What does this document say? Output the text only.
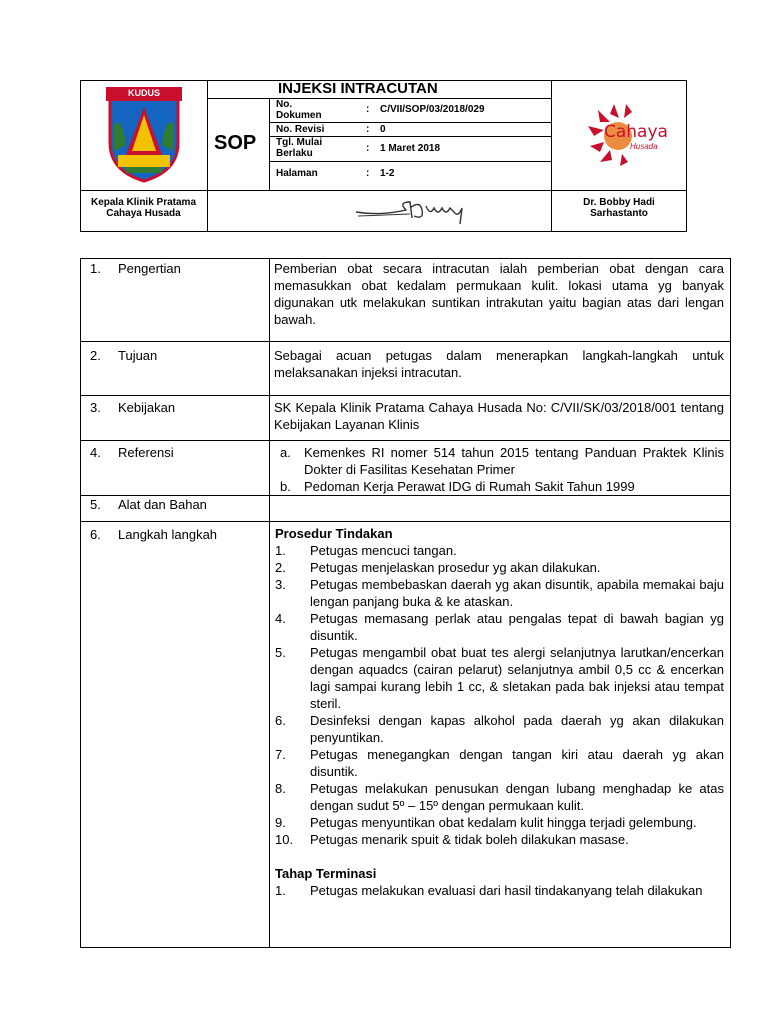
KUDUS
SOP
INJEKSI INTRACUTAN
No.
Dokumen
: C/VII/SOP/03/2018/029
No. Revisi	: 0
Tgl. Mulai
Berlaku	: 1 Maret 2018
Halaman	: 1-2
Cahaya
Husada
Kepala Klinik Pratama
Cahaya Husada
Dr. Bobby Hadi
Sarhastanto
1. Pengertian	Pemberian obat secara intracutan ialah pemberian obat dengan cara memasukkan obat kedalam permukaan kulit. lokasi utama yg banyak digunakan utk melakukan suntikan intrakutan yaitu bagian atas dari lengan bawah.
2. Tujuan	Sebagai acuan petugas dalam menerapkan langkah-langkah untuk melaksanakan injeksi intracutan.
3. Kebijakan	SK Kepala Klinik Pratama Cahaya Husada No: C/VII/SK/03/2018/001 tentang Kebijakan Layanan Klinis
4. Referensi	a. Kemenkes RI nomer 514 tahun 2015 tentang Panduan Praktek Klinis Dokter di Fasilitas Kesehatan Primer
b. Pedoman Kerja Perawat IDG di Rumah Sakit Tahun 1999
5. Alat dan Bahan
6. Langkah langkah	Prosedur Tindakan
1. Petugas mencuci tangan.
2. Petugas menjelaskan prosedur yg akan dilakukan.
3. Petugas membebaskan daerah yg akan disuntik, apabila memakai baju lengan panjang buka & ke ataskan.
4. Petugas memasang perlak atau pengalas tepat di bawah bagian yg disuntik.
5. Petugas mengambil obat buat tes alergi selanjutnya larutkan/encerkan dengan aquadcs (cairan pelarut) selanjutnya ambil 0,5 cc & encerkan lagi sampai kurang lebih 1 cc, & sletakan pada bak injeksi atau tempat steril.
6. Desinfeksi dengan kapas alkohol pada daerah yg akan dilakukan penyuntikan.
7. Petugas menegangkan dengan tangan kiri atau daerah yg akan disuntik.
8. Petugas melakukan penusukan dengan lubang menghadap ke atas dengan sudut 5º – 15º dengan permukaan kulit.
9. Petugas menyuntikan obat kedalam kulit hingga terjadi gelembung.
10. Petugas menarik spuit & tidak boleh dilakukan masase.
Tahap Terminasi
1. Petugas melakukan evaluasi dari hasil tindakanyang telah dilakukan
